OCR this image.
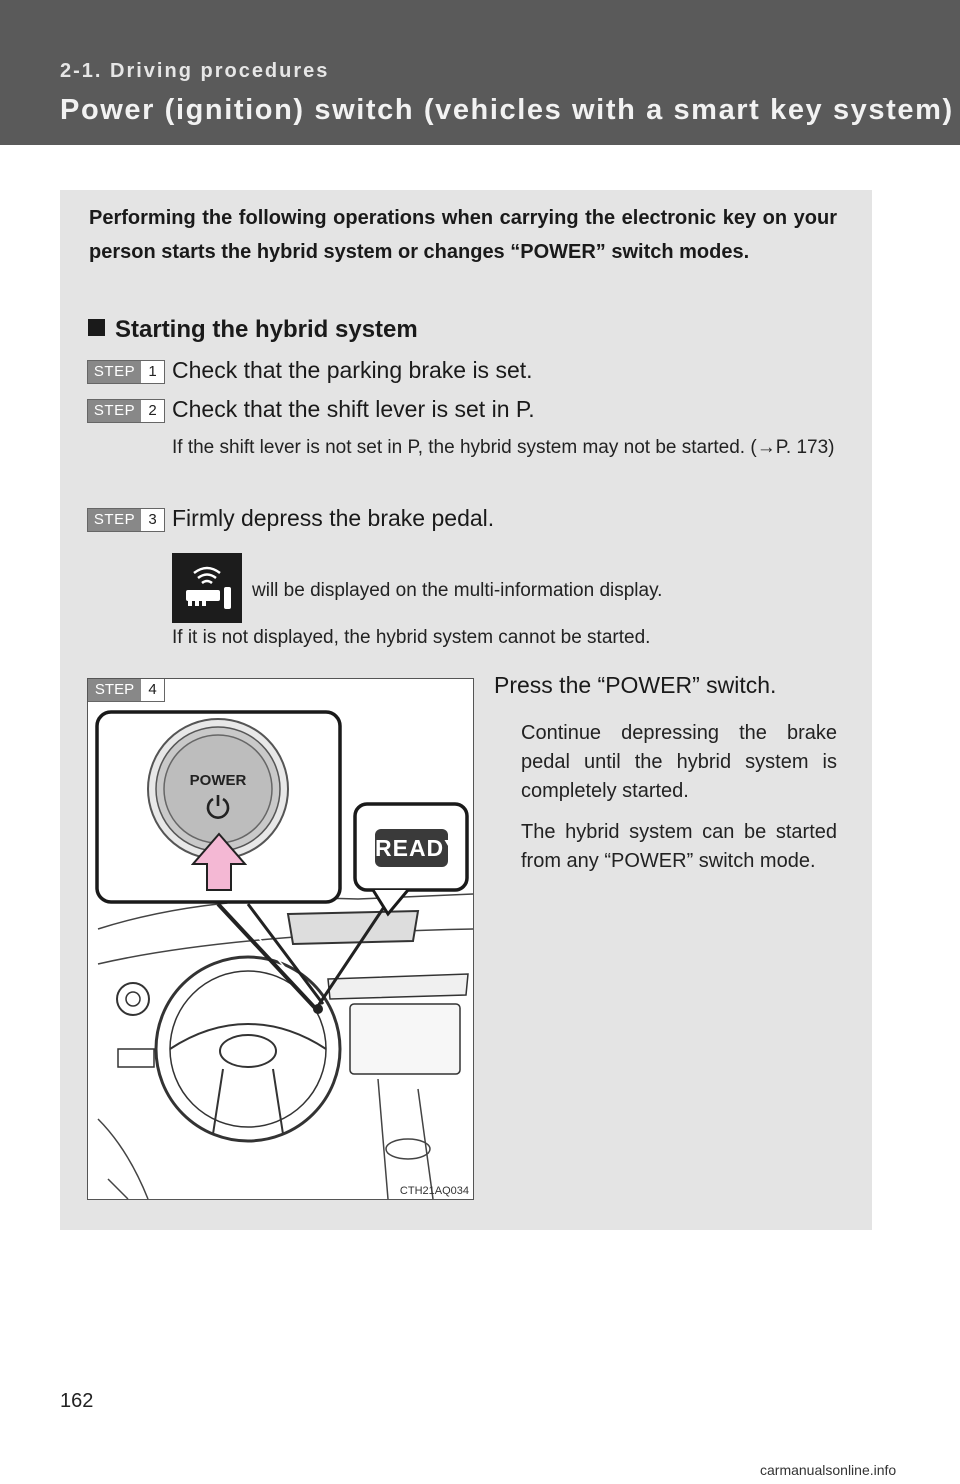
2-1. Driving procedures
Power (ignition) switch (vehicles with a smart key system)
Performing the following operations when carrying the electronic key on your person starts the hybrid system or changes “POWER” switch modes.
Starting the hybrid system
STEP 1 Check that the parking brake is set.
STEP 2 Check that the shift lever is set in P.
If the shift lever is not set in P, the hybrid system may not be started. (→P. 173)
STEP 3 Firmly depress the brake pedal.
will be displayed on the multi-information display.
If it is not displayed, the hybrid system cannot be started.
POWER
READY
STEP 4
CTH21AQ034
Press the “POWER” switch.
Continue depressing the brake pedal until the hybrid system is completely started.
The hybrid system can be started from any “POWER” switch mode.
162
carmanualsonline.info
